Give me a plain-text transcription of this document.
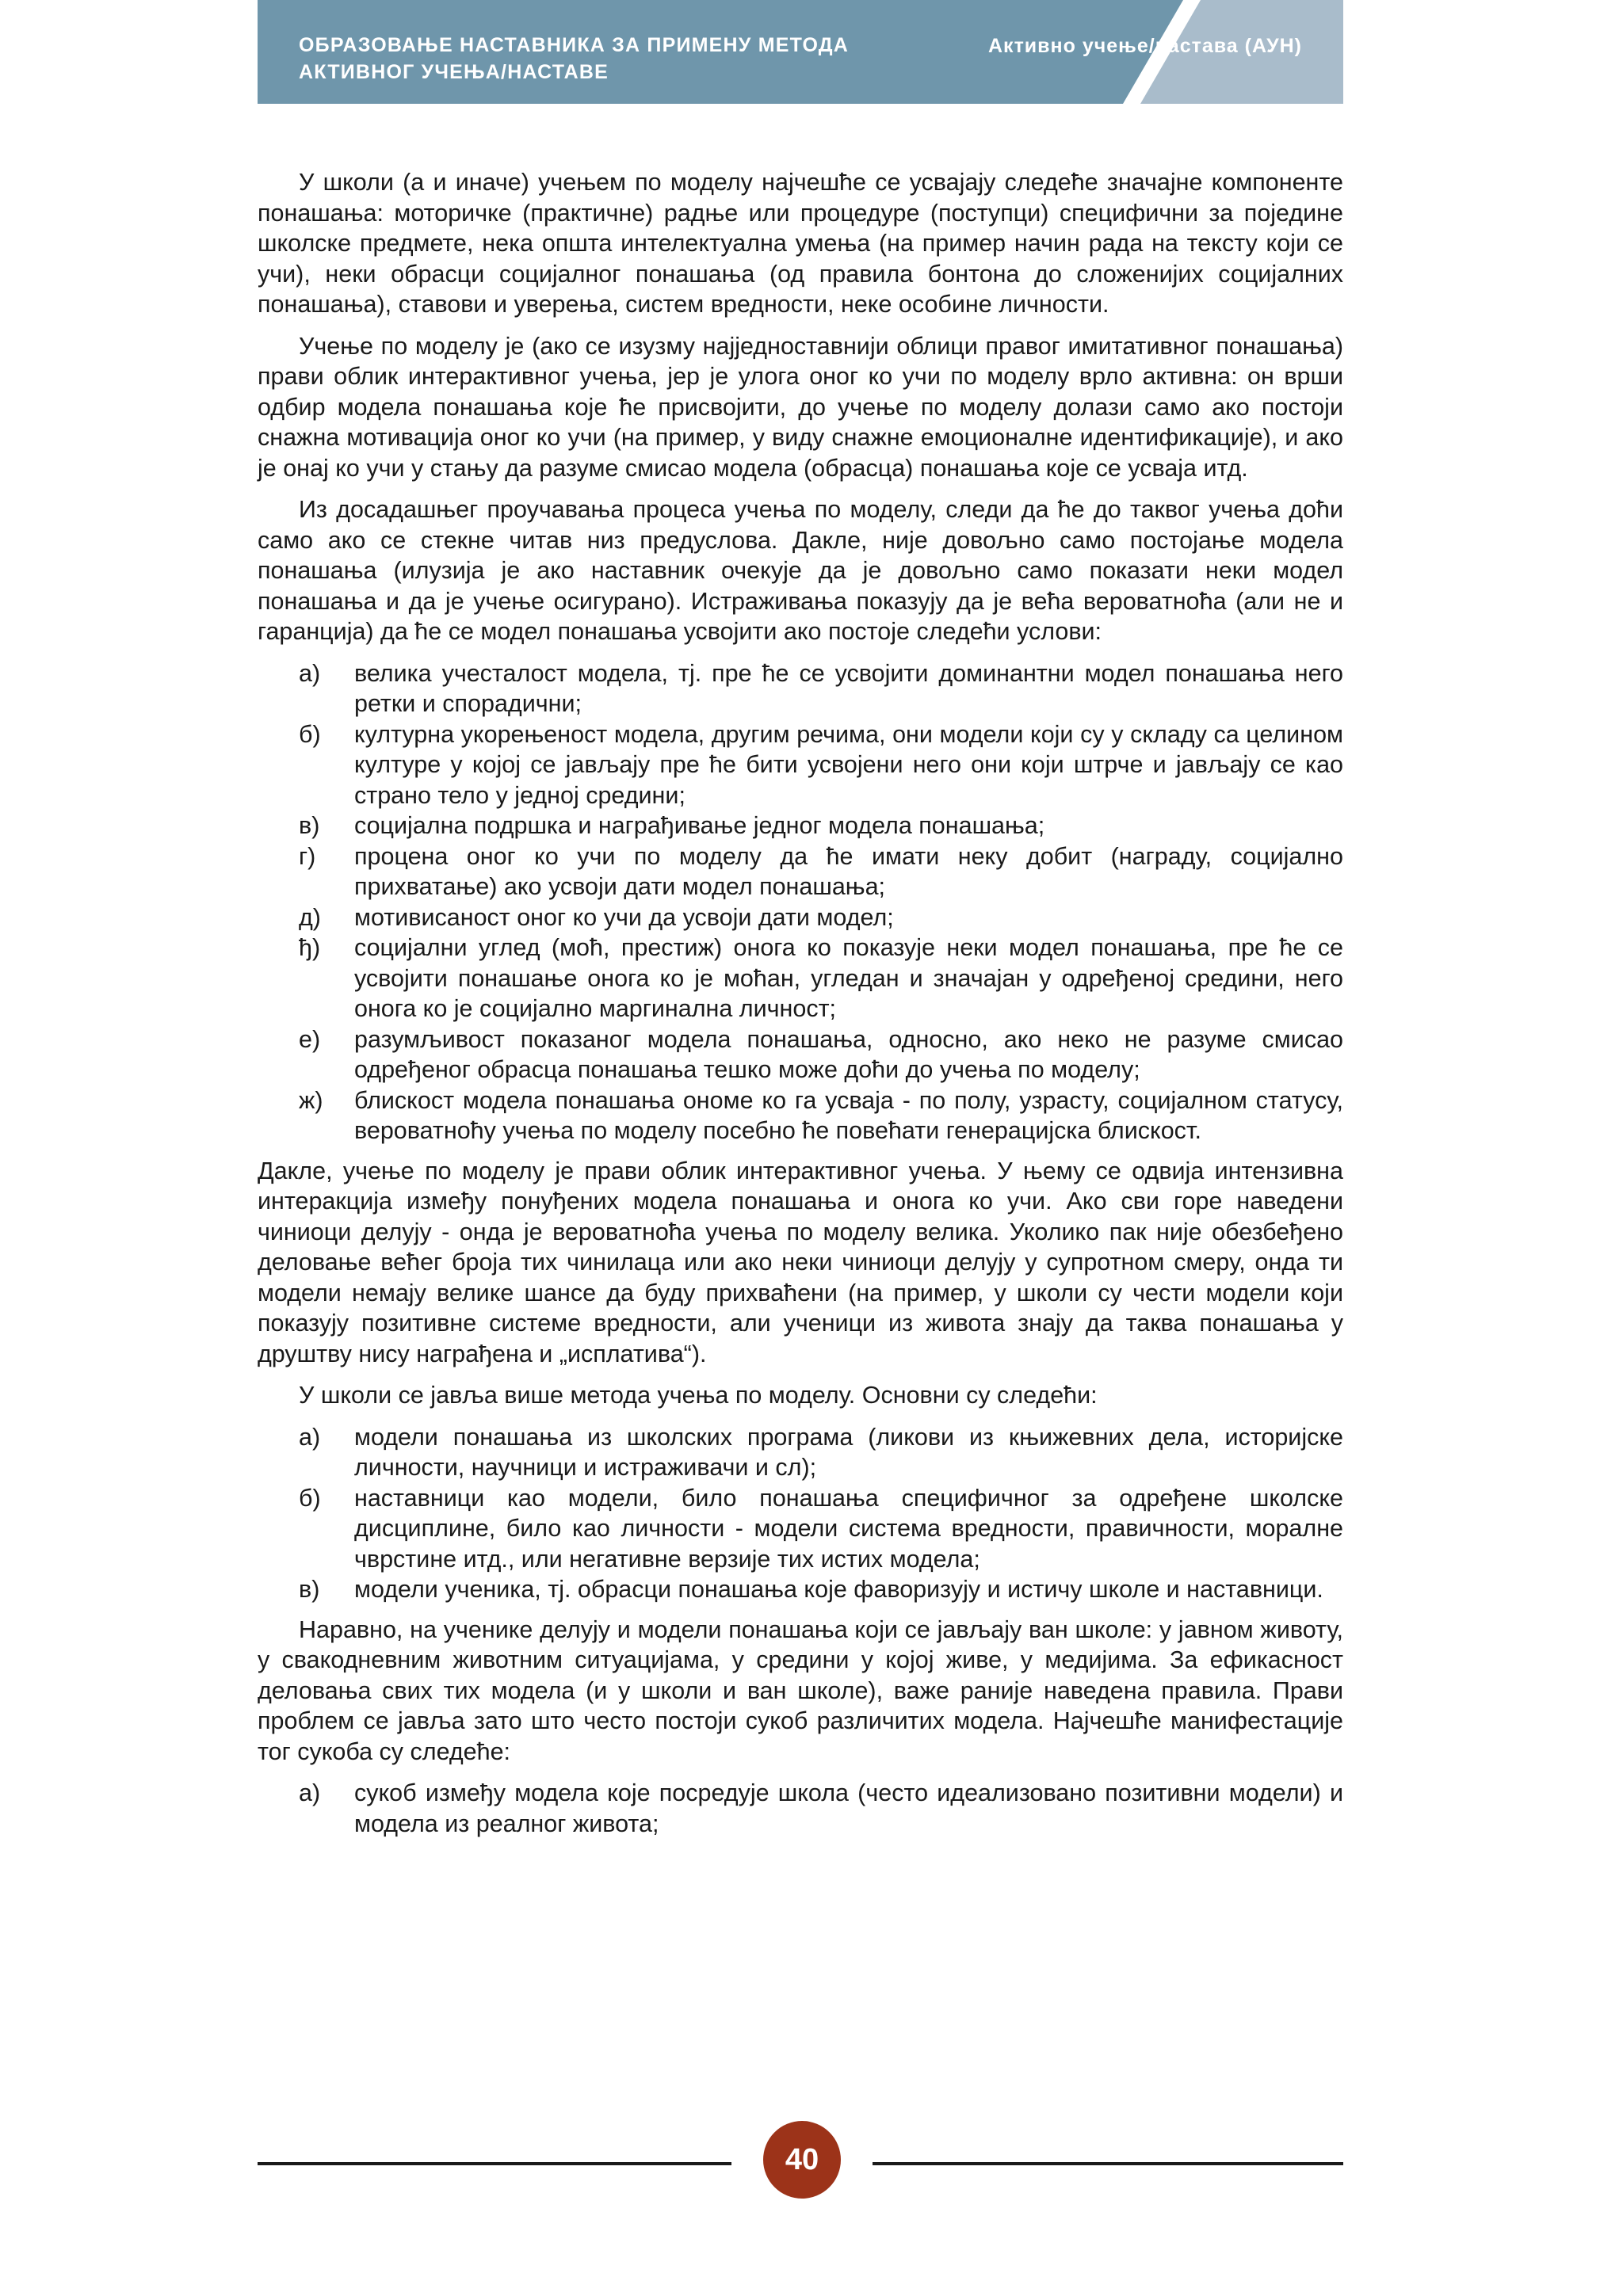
ОБРАЗОВАЊЕ НАСТАВНИКА ЗА ПРИМЕНУ МЕТОДА
АКТИВНОГ УЧЕЊА/НАСТАВЕ
Активно учење/настава (АУН)

У школи (а и иначе) учењем по моделу најчешће се усвајају следеће значајне компоненте понашања: моторичке (практичне) радње или процедуре (поступци) специфични за поједине школске предмете, нека општа интелектуална умења (на пример начин рада на тексту који се учи), неки обрасци социјалног понашања (од правила бонтона до сложенијих социјалних понашања), ставови и уверења, систем вредности, неке особине личности.

Учење по моделу је (ако се изузму најједноставнији облици правог имитативног понашања) прави облик интерактивног учења, јер је улога оног ко учи по моделу врло активна: он врши одбир модела понашања које ће присвојити, до учење по моделу долази само ако постоји снажна мотивација оног ко учи (на пример, у виду снажне емоционалне идентификације), и ако је онај ко учи у стању да разуме смисао модела (обрасца) понашања које се усваја итд.

Из досадашњег проучавања процеса учења по моделу, следи да ће до таквог учења доћи само ако се стекне читав низ предуслова. Дакле, није довољно само постојање модела понашања (илузија је ако наставник очекује да је довољно само показати неки модел понашања и да је учење осигурано). Истраживања показују да је већа вероватноћа (али не и гаранција) да ће се модел понашања усвојити ако постоје следећи услови:

а)	велика учесталост модела, тј. пре ће се усвојити доминантни модел понашања него ретки и спорадични;
б)	културна укорењеност модела, другим речима, они модели који су у складу са целином културе у којој се јављају пре ће бити усвојени него они који штрче и јављају се као страно тело у једној средини;
в)	социјална подршка и награђивање једног модела понашања;
г)	процена оног ко учи по моделу да ће имати неку добит (награду, социјално прихватање) ако усвоји дати модел понашања;
д)	мотивисаност оног ко учи да усвоји дати модел;
ђ)	социјални углед (моћ, престиж) онога ко показује неки модел понашања, пре ће се усвојити понашање онога ко је моћан, угледан и значајан у одређеној средини, него онога ко је социјално маргинална личност;
е)	разумљивост показаног модела понашања, односно, ако неко не разуме смисао одређеног обрасца понашања тешко може доћи до учења по моделу;
ж)	блискост модела понашања ономе ко га усваја - по полу, узрасту, социјалном статусу, вероватноћу учења по моделу посебно ће повећати генерацијска блискост.

Дакле, учење по моделу је прави облик интерактивног учења. У њему се одвија интензивна интеракција између понуђених модела понашања и онога ко учи. Ако сви горе наведени чиниоци делују - онда је вероватноћа учења по моделу велика. Уколико пак није обезбеђено деловање већег броја тих чинилаца или ако неки чиниоци делују у супротном смеру, онда ти модели немају велике шансе да буду прихваћени (на пример, у школи су чести модели који показују позитивне системе вредности, али ученици из живота знају да таква понашања у друштву нису награђена и „исплатива“).

У школи се јавља више метода учења по моделу. Основни су следећи:

а)	модели понашања из школских програма (ликови из књижевних дела, историјске личности, научници и истраживачи и сл);
б)	наставници као модели, било понашања специфичног за одређене школске дисциплине, било као личности - модели система вредности, правичности, моралне чврстине итд., или негативне верзије тих истих модела;
в)	модели ученика, тј. обрасци понашања које фаворизују и истичу школе и наставници.

Наравно, на ученике делују и модели понашања који се јављају ван школе: у јавном животу, у свакодневним животним ситуацијама, у средини у којој живе, у медијима. За ефикасност деловања свих тих модела (и у школи и ван школе), важе раније наведена правила. Прави проблем се јавља зато што често постоји сукоб различитих модела. Најчешће манифестације тог сукоба су следеће:

а)	сукоб између модела које посредује школа (често идеализовано позитивни модели) и модела из реалног живота;
40
